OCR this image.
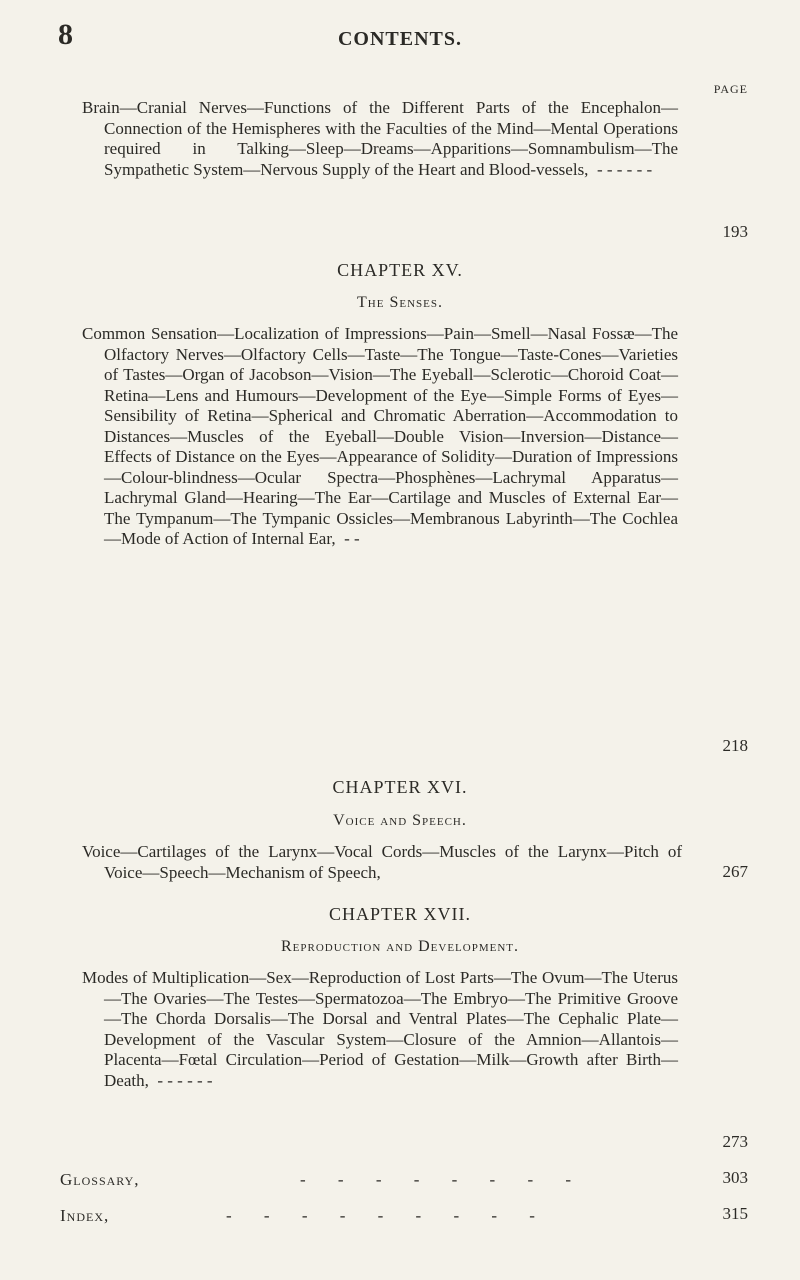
8	CONTENTS.
PAGE
Brain—Cranial Nerves—Functions of the Different Parts of the Encephalon—Connection of the Hemispheres with the Faculties of the Mind—Mental Operations required in Talking—Sleep—Dreams—Apparitions—Somnambulism—The Sympathetic System—Nervous Supply of the Heart and Blood-vessels, - - - - - -
193
CHAPTER XV.
The Senses.
Common Sensation—Localization of Impressions—Pain—Smell—Nasal Fossæ—The Olfactory Nerves—Olfactory Cells—Taste—The Tongue—Taste-Cones—Varieties of Tastes—Organ of Jacobson—Vision—The Eyeball—Sclerotic—Choroid Coat—Retina—Lens and Humours—Development of the Eye—Simple Forms of Eyes—Sensibility of Retina—Spherical and Chromatic Aberration—Accommodation to Distances—Muscles of the Eyeball—Double Vision—Inversion—Distance—Effects of Distance on the Eyes—Appearance of Solidity—Duration of Impressions—Colour-blindness—Ocular Spectra—Phosphènes—Lachrymal Apparatus—Lachrymal Gland—Hearing—The Ear—Cartilage and Muscles of External Ear—The Tympanum—The Tympanic Ossicles—Membranous Labyrinth—The Cochlea—Mode of Action of Internal Ear, - -
218
CHAPTER XVI.
Voice and Speech.
Voice—Cartilages of the Larynx—Vocal Cords—Muscles of the Larynx—Pitch of Voice—Speech—Mechanism of Speech,	267
CHAPTER XVII.
Reproduction and Development.
Modes of Multiplication—Sex—Reproduction of Lost Parts—The Ovum—The Uterus—The Ovaries—The Testes—Spermatozoa—The Embryo—The Primitive Groove—The Chorda Dorsalis—The Dorsal and Ventral Plates—The Cephalic Plate—Development of the Vascular System—Closure of the Amnion—Allantois—Placenta—Fœtal Circulation—Period of Gestation—Milk—Growth after Birth—Death, - - - - - -
273
Glossary,	- - - - - - - -	303
Index,	- - - - - - - - -	315
